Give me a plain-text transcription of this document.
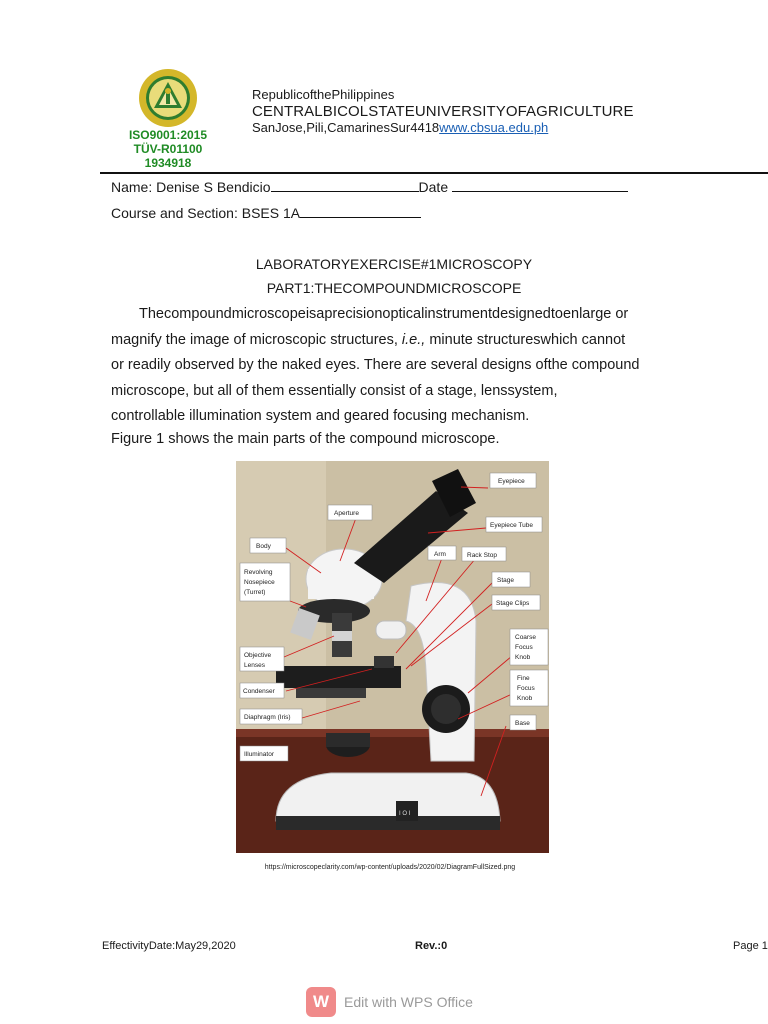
ISO9001:2015
TÜV-R01100
1934918
RepublicofthePhilippines
CENTRALBICOLSTATEUNIVERSITYOFAGRICULTURE
SanJose,Pili,CamarinesSur4418www.cbsua.edu.ph
Name: Denise S Bendicio	Date
Course and Section: BSES 1A
LABORATORYEXERCISE#1MICROSCOPY
PART1:THECOMPOUNDMICROSCOPE
Thecompoundmicroscopeisaprecisionopticalinstrumentdesignedtoenlarge or
magnify the image of microscopic structures, i.e., minute structureswhich cannot
or readily observed by the naked eyes. There are several designs ofthe compound
microscope, but all of them essentially consist of a stage, lenssystem,
controllable illumination system and geared focusing mechanism.
Figure 1 shows the main parts of the compound microscope.
I O I
Eyepiece
Aperture
Eyepiece Tube
Body
Arm	Rack Stop
Revolving
Nosepiece
(Turret)
Stage
Stage Clips
Coarse
Focus
Knob
Objective
Lenses
Condenser
Fine
Focus
Knob
Base
Diaphragm (Iris)
Illuminator
https://microscopeclarity.com/wp-content/uploads/2020/02/DiagramFullSized.png
EffectivityDate:May29,2020	Rev.:0	Page 1
W	Edit with WPS Office
